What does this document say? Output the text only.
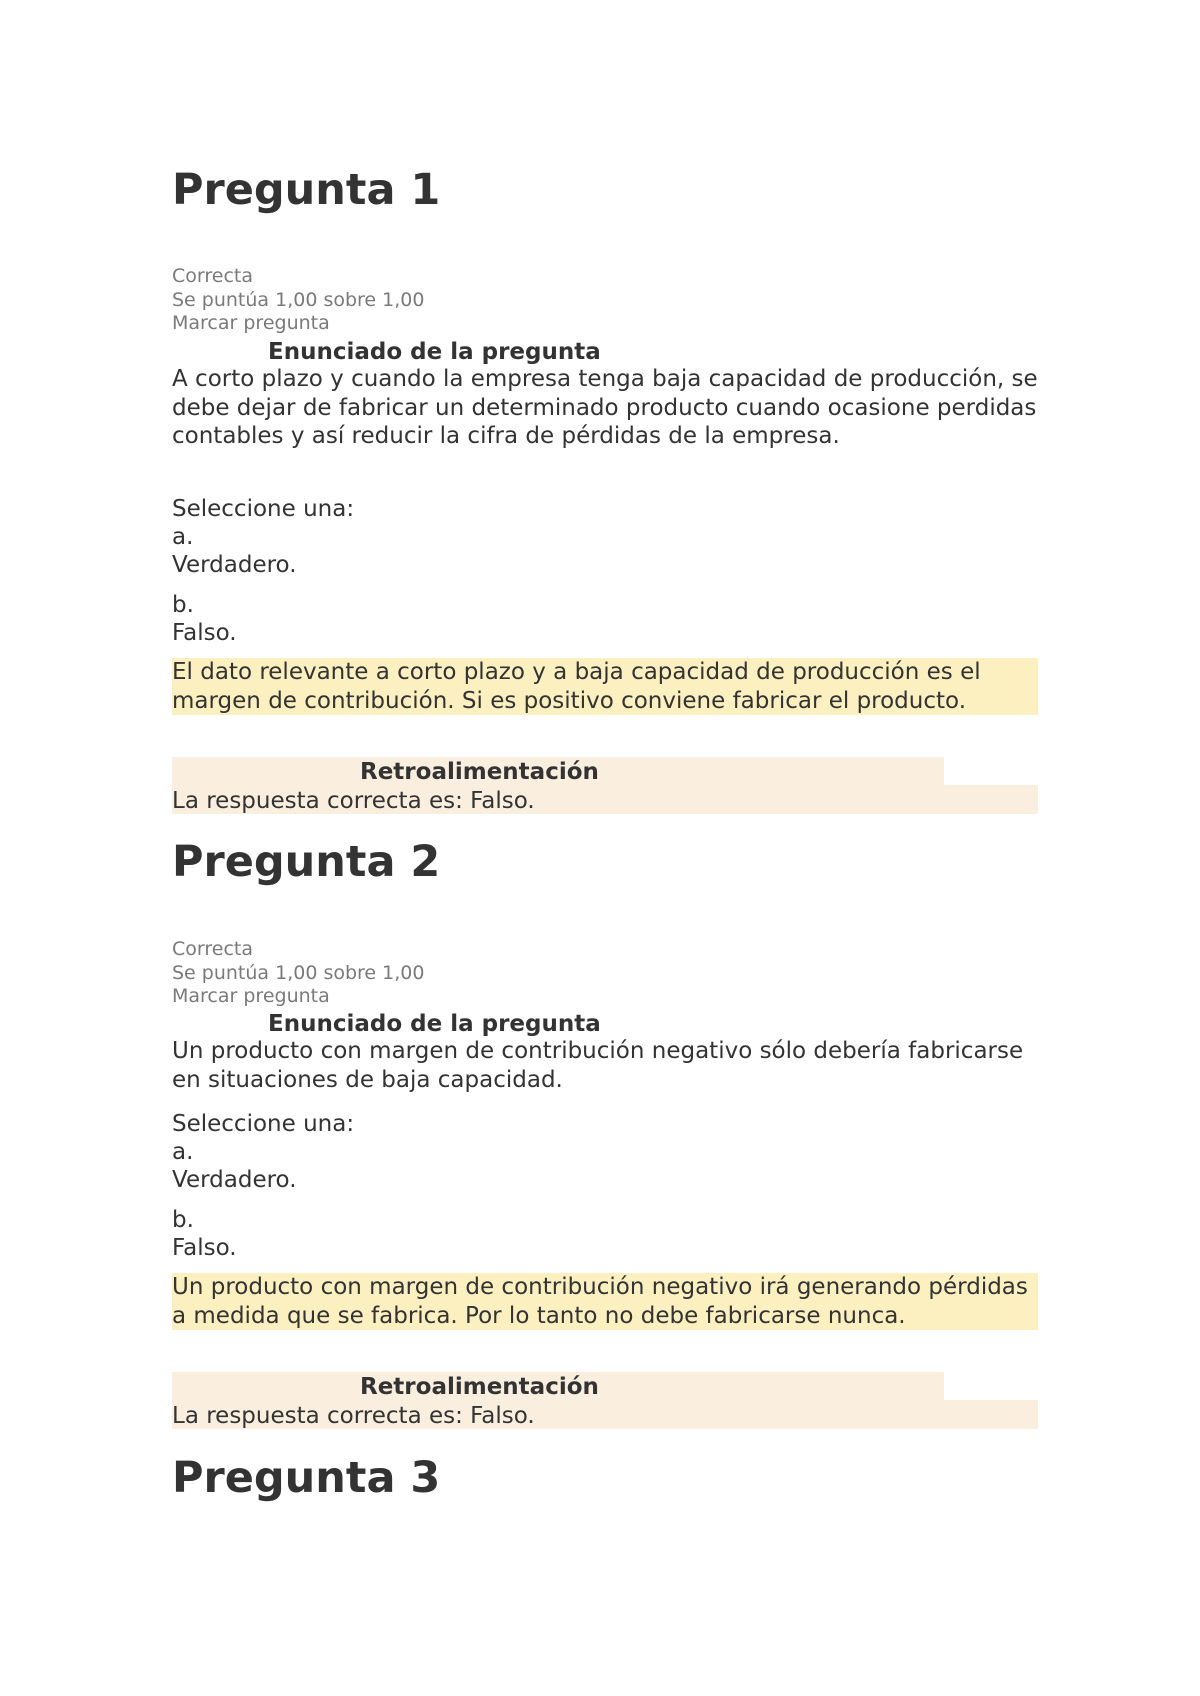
Pregunta 1
Correcta
Se puntúa 1,00 sobre 1,00
Marcar pregunta
Enunciado de la pregunta
A corto plazo y cuando la empresa tenga baja capacidad de producción, se debe dejar de fabricar un determinado producto cuando ocasione perdidas contables y así reducir la cifra de pérdidas de la empresa.
Seleccione una:
a.
Verdadero.
b.
Falso.
El dato relevante a corto plazo y a baja capacidad de producción es el margen de contribución. Si es positivo conviene fabricar el producto.
Retroalimentación
La respuesta correcta es: Falso.
Pregunta 2
Correcta
Se puntúa 1,00 sobre 1,00
Marcar pregunta
Enunciado de la pregunta
Un producto con margen de contribución negativo sólo debería fabricarse en situaciones de baja capacidad.
Seleccione una:
a.
Verdadero.
b.
Falso.
Un producto con margen de contribución negativo irá generando pérdidas a medida que se fabrica. Por lo tanto no debe fabricarse nunca.
Retroalimentación
La respuesta correcta es: Falso.
Pregunta 3
